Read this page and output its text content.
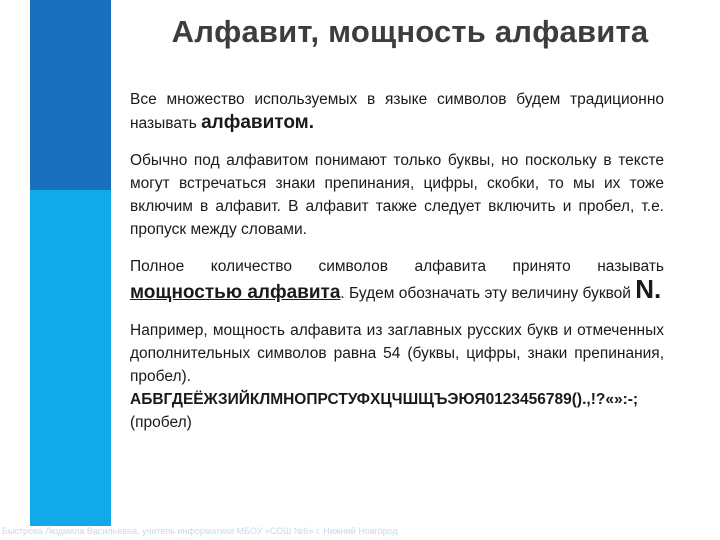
Алфавит, мощность алфавита

Все множество используемых в языке символов будем традиционно называть алфавитом.

Обычно под алфавитом понимают только буквы, но поскольку в тексте могут встречаться знаки препинания, цифры, скобки, то мы их тоже включим в алфавит. В алфавит также следует включить и пробел, т.е. пропуск между словами.

Полное количество символов алфавита принято называть мощностью алфавита. Будем обозначать эту величину буквой N.

Например, мощность алфавита из заглавных русских букв и отмеченных дополнительных символов равна 54 (буквы, цифры, знаки препинания, пробел).
АБВГДЕЁЖЗИЙКЛМНОПРСТУФХЦЧШЩЪЭЮЯ0123456789().,!?«»:-;(пробел)

Быстрова Людмила Васильевна, учитель информатики МБОУ «СОШ №6» г. Нижний Новгород
